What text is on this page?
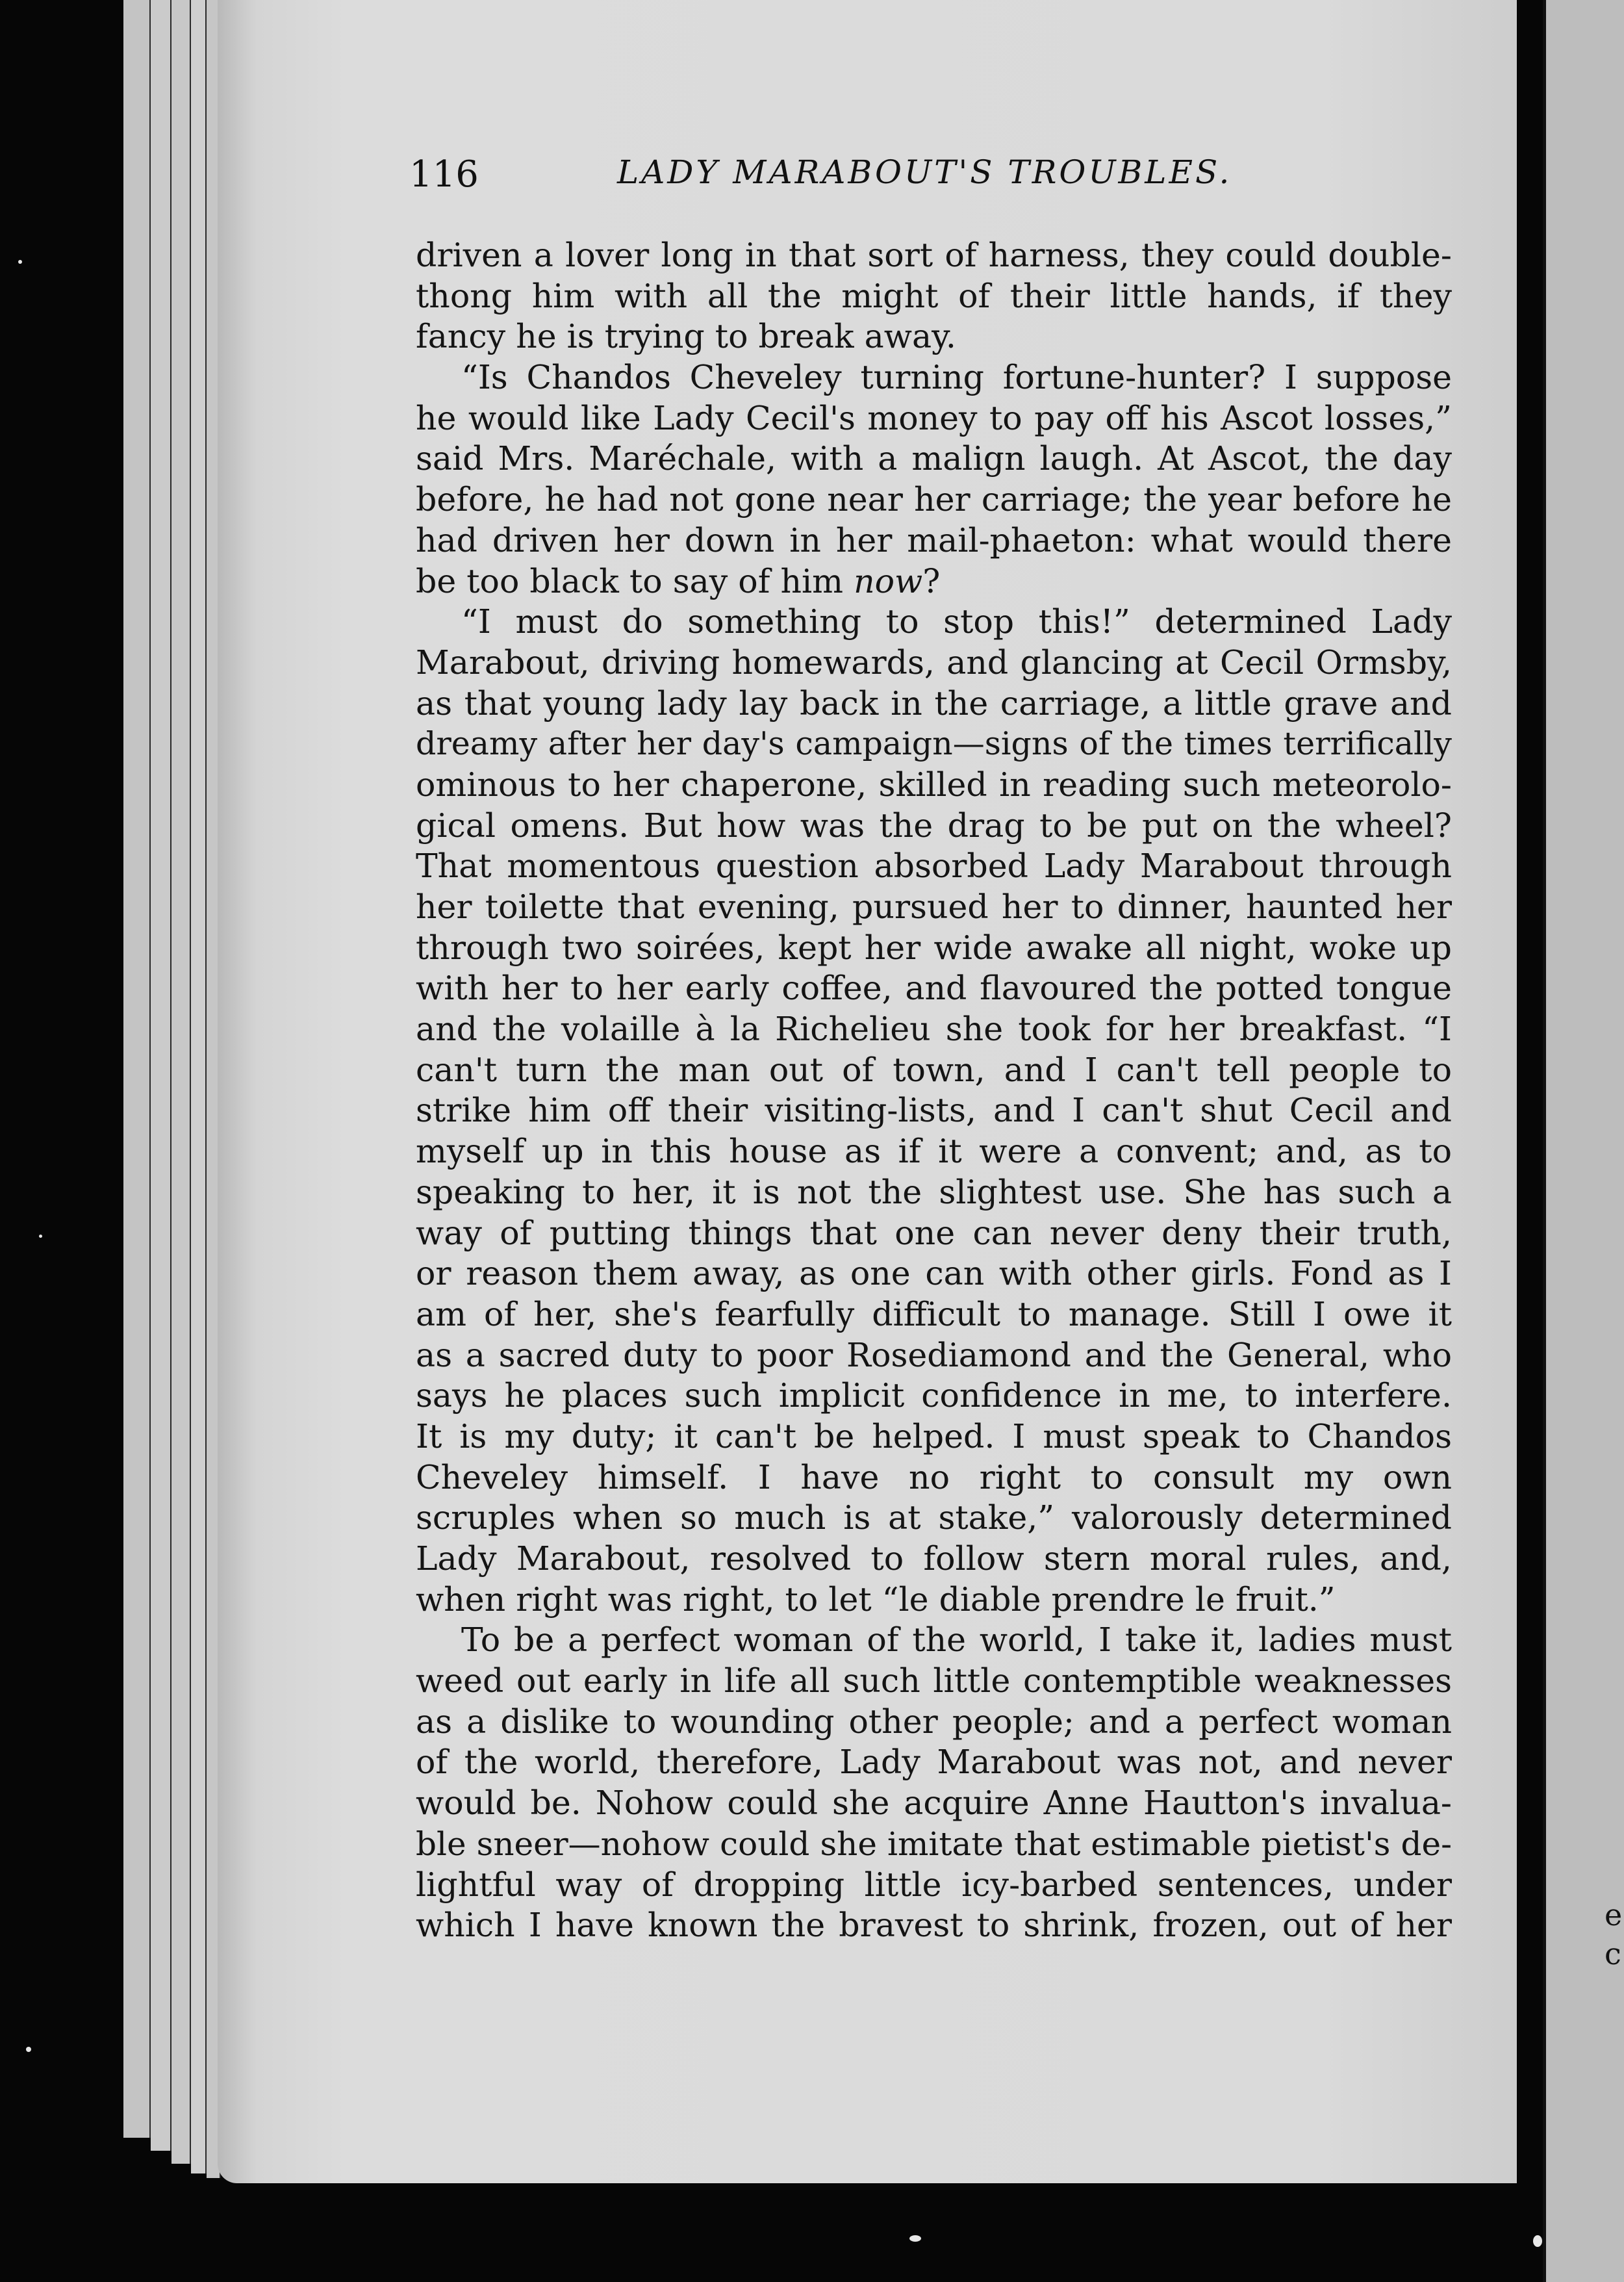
e
c
116	LADY MARABOUT'S TROUBLES.
driven a lover long in that sort of harness, they could double-
thong him with all the might of their little hands, if they
fancy he is trying to break away.
“Is Chandos Cheveley turning fortune-hunter? I suppose
he would like Lady Cecil's money to pay off his Ascot losses,”
said Mrs. Maréchale, with a malign laugh. At Ascot, the day
before, he had not gone near her carriage; the year before he
had driven her down in her mail-phaeton: what would there
be too black to say of him now?
“I must do something to stop this!” determined Lady
Marabout, driving homewards, and glancing at Cecil Ormsby,
as that young lady lay back in the carriage, a little grave and
dreamy after her day's campaign—signs of the times terrifically
ominous to her chaperone, skilled in reading such meteorolo-
gical omens. But how was the drag to be put on the wheel?
That momentous question absorbed Lady Marabout through
her toilette that evening, pursued her to dinner, haunted her
through two soirées, kept her wide awake all night, woke up
with her to her early coffee, and flavoured the potted tongue
and the volaille à la Richelieu she took for her breakfast. “I
can't turn the man out of town, and I can't tell people to
strike him off their visiting-lists, and I can't shut Cecil and
myself up in this house as if it were a convent; and, as to
speaking to her, it is not the slightest use. She has such a
way of putting things that one can never deny their truth,
or reason them away, as one can with other girls. Fond as I
am of her, she's fearfully difficult to manage. Still I owe it
as a sacred duty to poor Rosediamond and the General, who
says he places such implicit confidence in me, to interfere.
It is my duty; it can't be helped. I must speak to Chandos
Cheveley himself. I have no right to consult my own
scruples when so much is at stake,” valorously determined
Lady Marabout, resolved to follow stern moral rules, and,
when right was right, to let “le diable prendre le fruit.”
To be a perfect woman of the world, I take it, ladies must
weed out early in life all such little contemptible weaknesses
as a dislike to wounding other people; and a perfect woman
of the world, therefore, Lady Marabout was not, and never
would be. Nohow could she acquire Anne Hautton's invalua-
ble sneer—nohow could she imitate that estimable pietist's de-
lightful way of dropping little icy-barbed sentences, under
which I have known the bravest to shrink, frozen, out of her
